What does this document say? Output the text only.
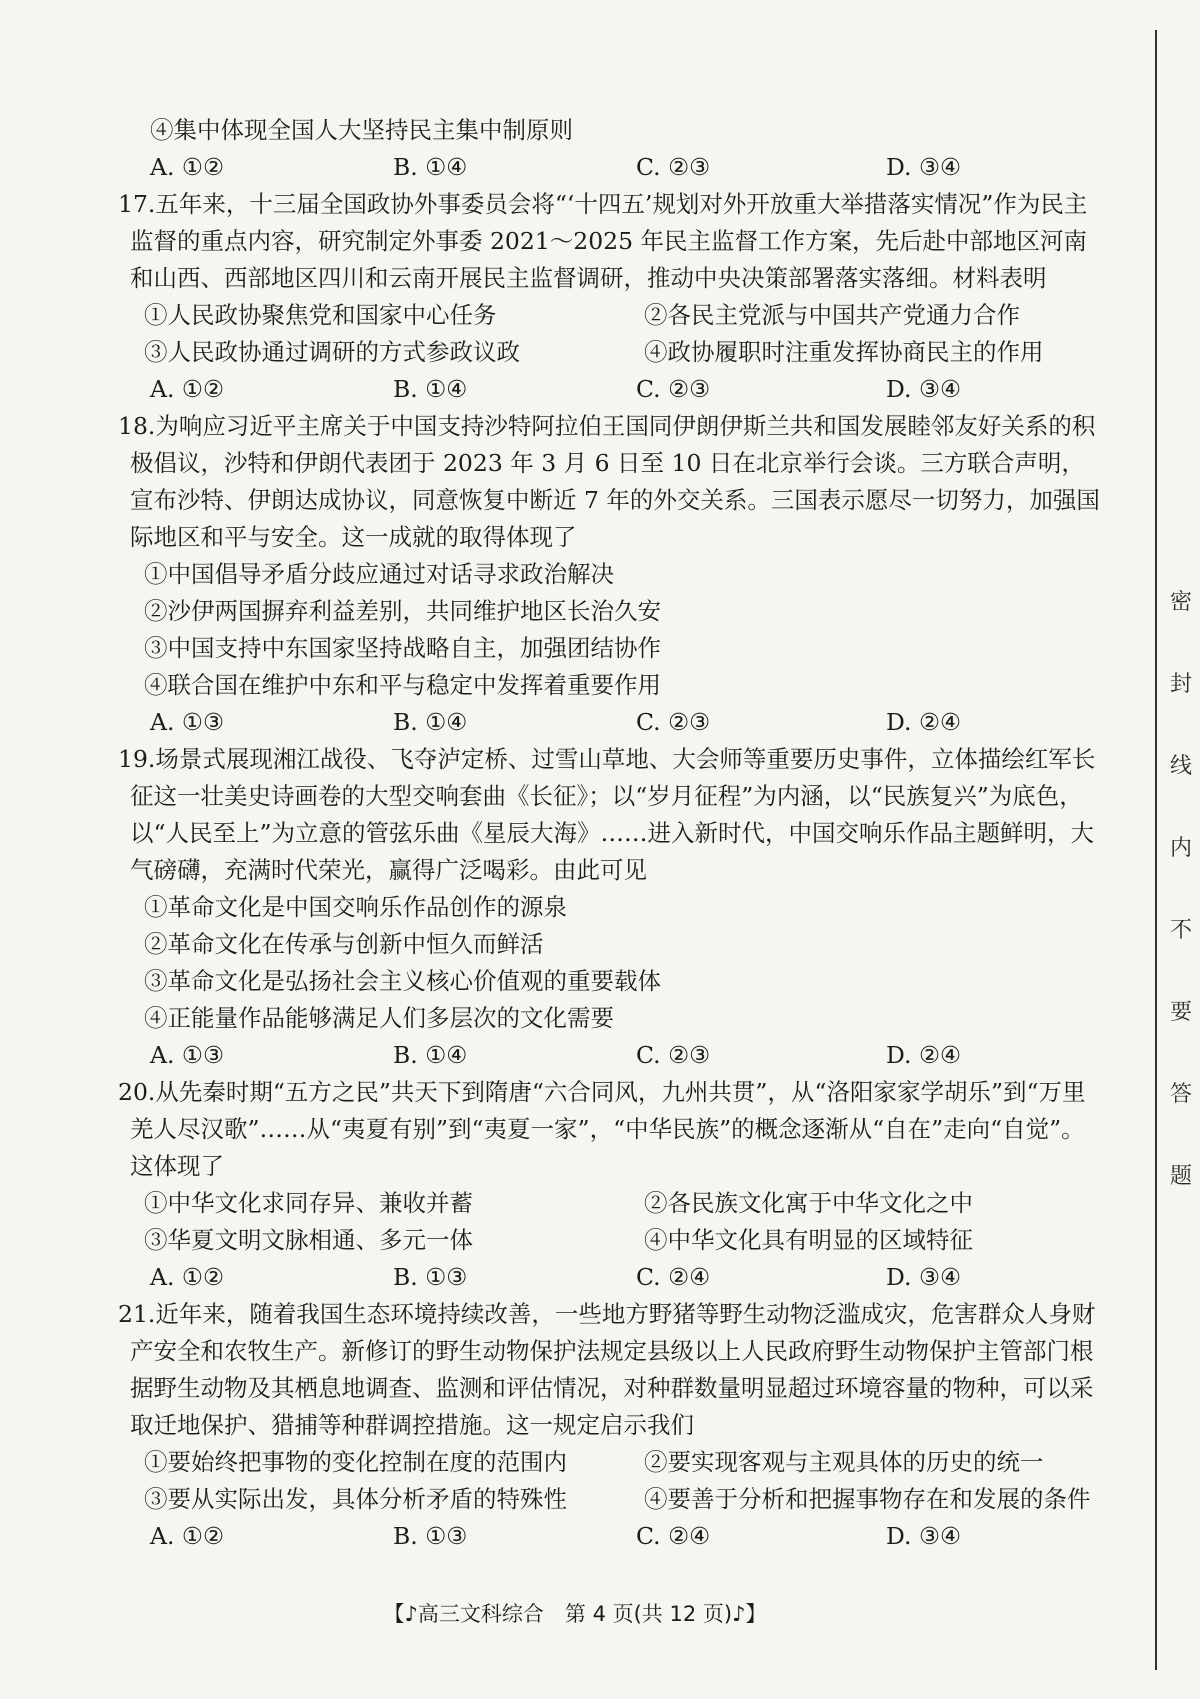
密
封
线
内
不
要
答
题
④集中体现全国人大坚持民主集中制原则
A. ①②	B. ①④	C. ②③	D. ③④
17.五年来，十三届全国政协外事委员会将“‘十四五’规划对外开放重大举措落实情况”作为民主监督的重点内容，研究制定外事委 2021～2025 年民主监督工作方案，先后赴中部地区河南和山西、西部地区四川和云南开展民主监督调研，推动中央决策部署落实落细。材料表明
①人民政协聚焦党和国家中心任务	②各民主党派与中国共产党通力合作
③人民政协通过调研的方式参政议政	④政协履职时注重发挥协商民主的作用
A. ①②	B. ①④	C. ②③	D. ③④
18.为响应习近平主席关于中国支持沙特阿拉伯王国同伊朗伊斯兰共和国发展睦邻友好关系的积极倡议，沙特和伊朗代表团于 2023 年 3 月 6 日至 10 日在北京举行会谈。三方联合声明，宣布沙特、伊朗达成协议，同意恢复中断近 7 年的外交关系。三国表示愿尽一切努力，加强国际地区和平与安全。这一成就的取得体现了
①中国倡导矛盾分歧应通过对话寻求政治解决
②沙伊两国摒弃利益差别，共同维护地区长治久安
③中国支持中东国家坚持战略自主，加强团结协作
④联合国在维护中东和平与稳定中发挥着重要作用
A. ①③	B. ①④	C. ②③	D. ②④
19.场景式展现湘江战役、飞夺泸定桥、过雪山草地、大会师等重要历史事件，立体描绘红军长征这一壮美史诗画卷的大型交响套曲《长征》；以“岁月征程”为内涵，以“民族复兴”为底色，以“人民至上”为立意的管弦乐曲《星辰大海》……进入新时代，中国交响乐作品主题鲜明，大气磅礴，充满时代荣光，赢得广泛喝彩。由此可见
①革命文化是中国交响乐作品创作的源泉
②革命文化在传承与创新中恒久而鲜活
③革命文化是弘扬社会主义核心价值观的重要载体
④正能量作品能够满足人们多层次的文化需要
A. ①③	B. ①④	C. ②③	D. ②④
20.从先秦时期“五方之民”共天下到隋唐“六合同风，九州共贯”，从“洛阳家家学胡乐”到“万里羌人尽汉歌”……从“夷夏有别”到“夷夏一家”，“中华民族”的概念逐渐从“自在”走向“自觉”。这体现了
①中华文化求同存异、兼收并蓄	②各民族文化寓于中华文化之中
③华夏文明文脉相通、多元一体	④中华文化具有明显的区域特征
A. ①②	B. ①③	C. ②④	D. ③④
21.近年来，随着我国生态环境持续改善，一些地方野猪等野生动物泛滥成灾，危害群众人身财产安全和农牧生产。新修订的野生动物保护法规定县级以上人民政府野生动物保护主管部门根据野生动物及其栖息地调查、监测和评估情况，对种群数量明显超过环境容量的物种，可以采取迁地保护、猎捕等种群调控措施。这一规定启示我们
①要始终把事物的变化控制在度的范围内	②要实现客观与主观具体的历史的统一
③要从实际出发，具体分析矛盾的特殊性	④要善于分析和把握事物存在和发展的条件
A. ①②	B. ①③	C. ②④	D. ③④
【♪高三文科综合　第 4 页(共 12 页)♪】
